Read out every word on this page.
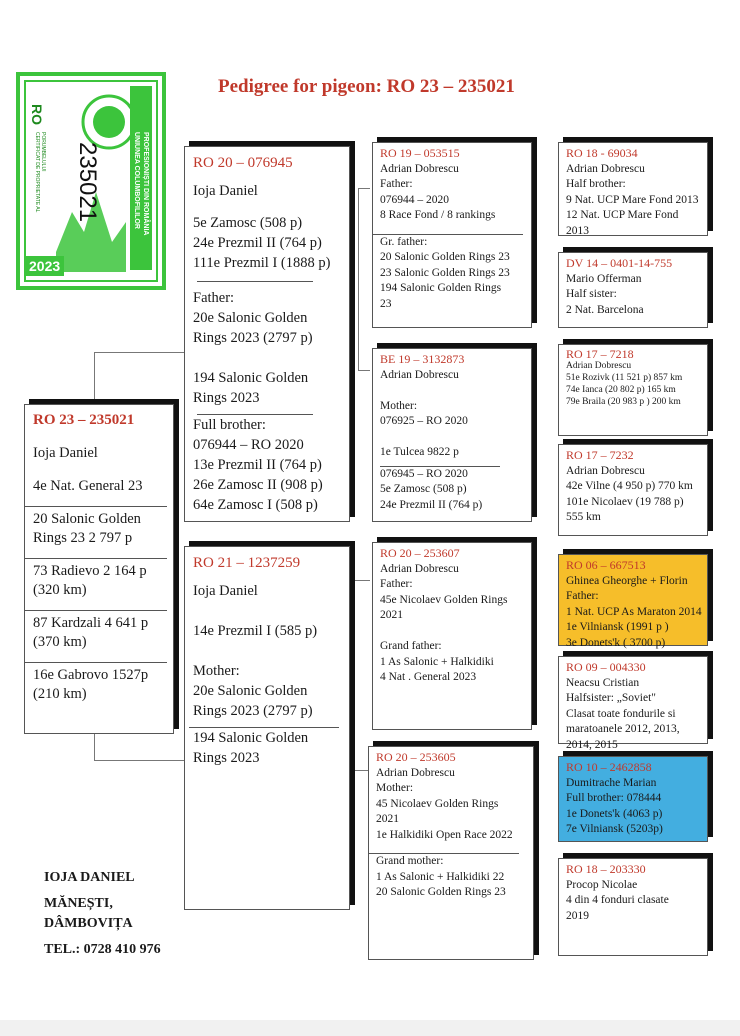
Pedigree for pigeon: RO 23 – 235021
2023
RO
235021	UNIUNEA COLUMBOFILILOR PROFESIONIȘTI DIN ROMÂNIA
CERTIFICAT DE PROPRIETATE AL PORUMBELULUI
RO 23 – 235021
Ioja Daniel
4e Nat. General 23
20 Salonic Golden
Rings 23 2 797 p
73 Radievo 2 164 p
(320 km)
87 Kardzali 4 641 p
(370 km)
16e Gabrovo 1527p
(210 km)
RO 20 – 076945
Ioja Daniel
5e Zamosc (508 p)
24e Prezmil II (764 p)
111e Prezmil I (1888 p)
Father:
20e Salonic Golden
Rings 2023 (2797 p)

194 Salonic Golden
Rings 2023
Full brother:
076944 – RO 2020
13e Prezmil II (764 p)
26e Zamosc II (908 p)
64e Zamosc I (508 p)
RO 21 – 1237259
Ioja Daniel
14e Prezmil I (585 p)
Mother:
20e Salonic Golden
Rings 2023 (2797 p)
194 Salonic Golden
Rings 2023
RO 19 – 053515
Adrian Dobrescu
Father:
076944 – 2020
8 Race Fond / 8 rankings
Gr. father:
20 Salonic Golden Rings 23
23 Salonic Golden Rings 23
194 Salonic Golden Rings
23
BE 19 – 3132873
Adrian Dobrescu

Mother:
076925 – RO 2020

1e Tulcea 9822 p
076945 – RO 2020
5e Zamosc (508 p)
24e Prezmil II (764 p)
RO 20 – 253607
Adrian Dobrescu
Father:
45e Nicolaev Golden Rings
2021

Grand father:
1 As Salonic + Halkidiki
4 Nat . General 2023
RO 20 – 253605
Adrian Dobrescu
Mother:
45 Nicolaev Golden Rings
2021
1e Halkidiki Open Race 2022
Grand mother:
1 As Salonic + Halkidiki 22
20 Salonic Golden Rings 23
RO 18 - 69034
Adrian Dobrescu
Half brother:
9 Nat. UCP Mare Fond 2013
12 Nat. UCP Mare Fond 2013
DV 14 – 0401-14-755
Mario Offerman
Half sister:
2 Nat. Barcelona
RO 17 – 7218
Adrian Dobrescu
51e Rozivk (11 521 p) 857 km
74e Ianca (20 802 p) 165 km
79e Braila (20 983 p ) 200 km
RO 17 – 7232
Adrian Dobrescu
42e Vilne (4 950 p) 770 km
101e Nicolaev (19 788 p)
555 km
RO 06 – 667513
Ghinea Gheorghe + Florin
Father:
1 Nat. UCP As Maraton 2014
1e Vilniansk (1991 p )
3e Donets'k ( 3700 p)
RO 09 – 004330
Neacsu Cristian
Halfsister: „Soviet"
Clasat toate fondurile si
maratoanele 2012, 2013,
2014, 2015
RO 10 – 2462858
Dumitrache Marian
Full brother: 078444
1e Donets'k (4063 p)
7e Vilniansk (5203p)
RO 18 – 203330
Procop Nicolae
4 din 4 fonduri clasate
2019
IOJA DANIEL
MĂNEȘTI,
DÂMBOVIȚA
TEL.: 0728 410 976
